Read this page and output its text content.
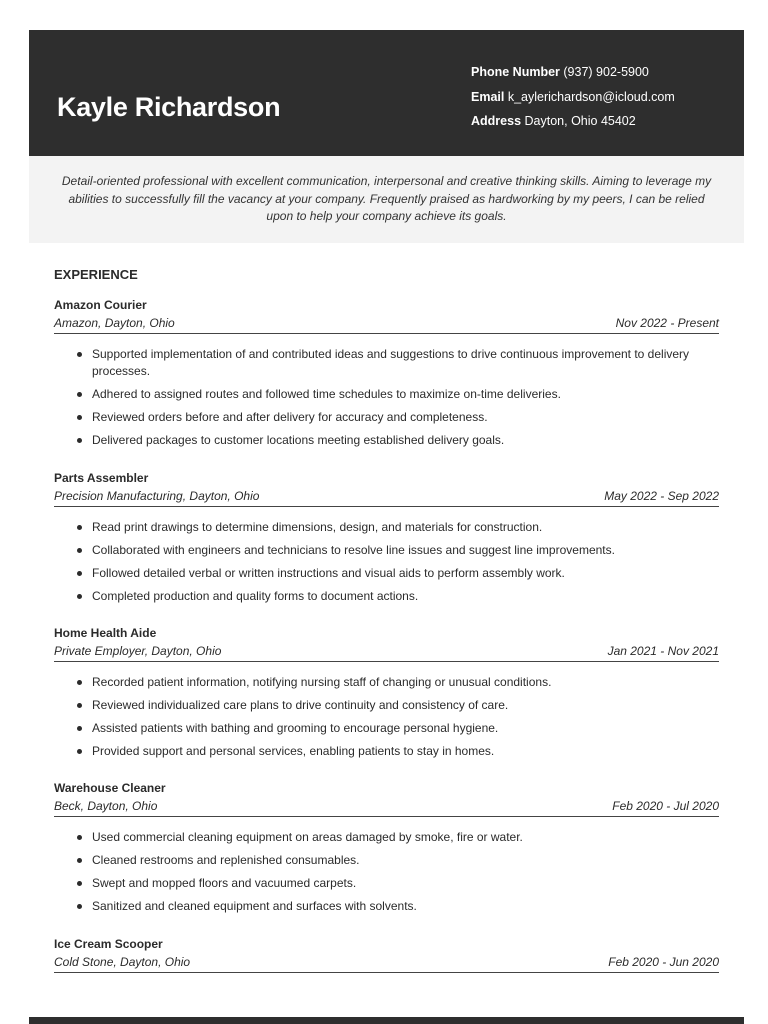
Kayle Richardson
Phone Number (937) 902-5900
Email k_aylerichardson@icloud.com
Address Dayton, Ohio 45402

Detail-oriented professional with excellent communication, interpersonal and creative thinking skills. Aiming to leverage my abilities to successfully fill the vacancy at your company. Frequently praised as hardworking by my peers, I can be relied upon to help your company achieve its goals.

EXPERIENCE
Amazon Courier
Amazon, Dayton, Ohio	Nov 2022 - Present
Supported implementation of and contributed ideas and suggestions to drive continuous improvement to delivery processes.
Adhered to assigned routes and followed time schedules to maximize on-time deliveries.
Reviewed orders before and after delivery for accuracy and completeness.
Delivered packages to customer locations meeting established delivery goals.
Parts Assembler
Precision Manufacturing, Dayton, Ohio	May 2022 - Sep 2022
Read print drawings to determine dimensions, design, and materials for construction.
Collaborated with engineers and technicians to resolve line issues and suggest line improvements.
Followed detailed verbal or written instructions and visual aids to perform assembly work.
Completed production and quality forms to document actions.
Home Health Aide
Private Employer, Dayton, Ohio	Jan 2021 - Nov 2021
Recorded patient information, notifying nursing staff of changing or unusual conditions.
Reviewed individualized care plans to drive continuity and consistency of care.
Assisted patients with bathing and grooming to encourage personal hygiene.
Provided support and personal services, enabling patients to stay in homes.
Warehouse Cleaner
Beck, Dayton, Ohio	Feb 2020 - Jul 2020
Used commercial cleaning equipment on areas damaged by smoke, fire or water.
Cleaned restrooms and replenished consumables.
Swept and mopped floors and vacuumed carpets.
Sanitized and cleaned equipment and surfaces with solvents.
Ice Cream Scooper
Cold Stone, Dayton, Ohio	Feb 2020 - Jun 2020
